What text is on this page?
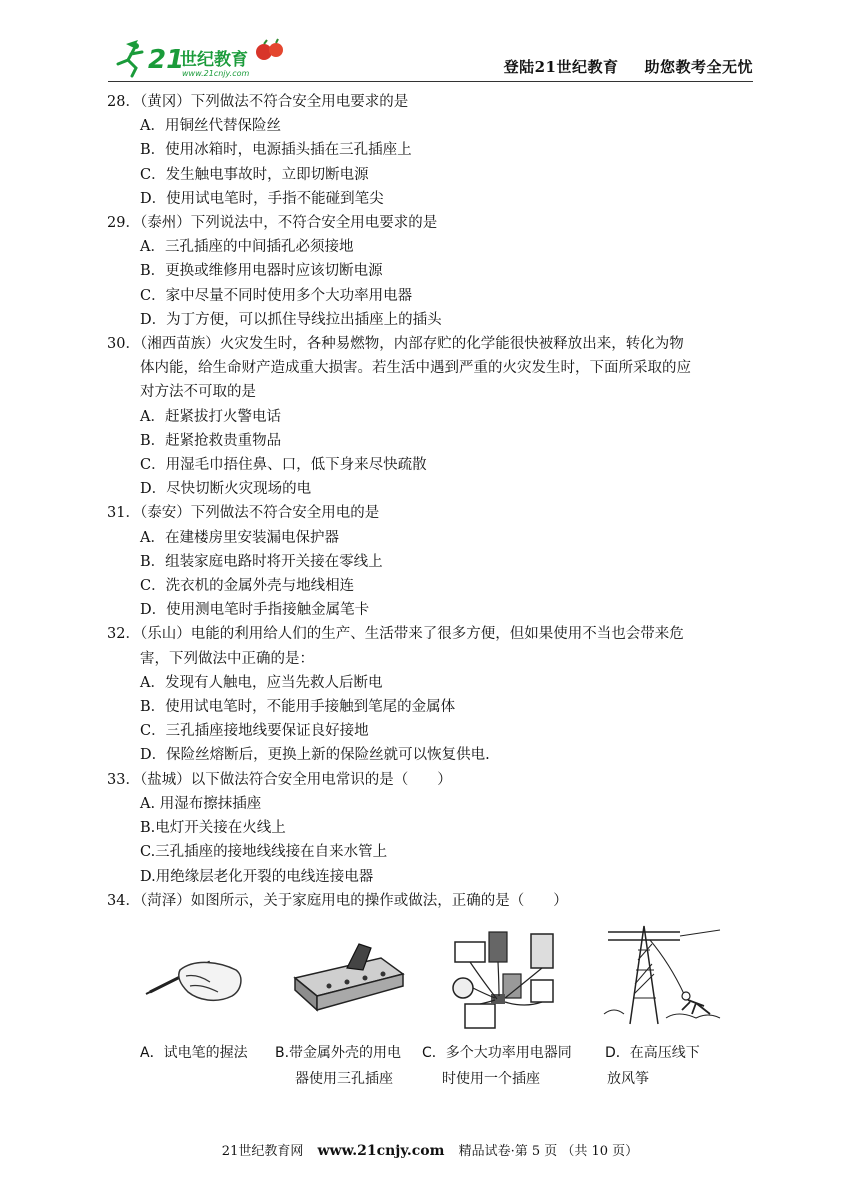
21
世纪教育
www.21cnjy.com	登陆21世纪教育 助您教考全无忧
28．（黄冈）下列做法不符合安全用电要求的是
A．用铜丝代替保险丝
B．使用冰箱时，电源插头插在三孔插座上
C．发生触电事故时，立即切断电源
D．使用试电笔时，手指不能碰到笔尖
29．（泰州）下列说法中，不符合安全用电要求的是
A．三孔插座的中间插孔必须接地
B．更换或维修用电器时应该切断电源
C．家中尽量不同时使用多个大功率用电器
D．为丁方便，可以抓住导线拉出插座上的插头
30．（湘西苗族）火灾发生时，各种易燃物，内部存贮的化学能很快被释放出来，转化为物
体内能，给生命财产造成重大损害。若生活中遇到严重的火灾发生时，下面所采取的应
对方法不可取的是
A．赶紧拔打火警电话
B．赶紧抢救贵重物品
C．用湿毛巾捂住鼻、口，低下身来尽快疏散
D．尽快切断火灾现场的电
31．（泰安）下列做法不符合安全用电的是
A．在建楼房里安装漏电保护器
B．组装家庭电路时将开关接在零线上
C．洗衣机的金属外壳与地线相连
D．使用测电笔时手指接触金属笔卡
32．（乐山）电能的利用给人们的生产、生活带来了很多方便，但如果使用不当也会带来危
害，下列做法中正确的是：
A．发现有人触电，应当先救人后断电
B．使用试电笔时，不能用手接触到笔尾的金属体
C．三孔插座接地线要保证良好接地
D．保险丝熔断后，更换上新的保险丝就可以恢复供电.
33．（盐城）以下做法符合安全用电常识的是（　　）
A. 用湿布擦抹插座
B.电灯开关接在火线上
C.三孔插座的接地线线接在自来水管上
D.用绝缘层老化开裂的电线连接电器
34．（菏泽）如图所示，关于家庭用电的操作或做法，正确的是（　　）
A．试电笔的握法 B.带金属外壳的用电
器使用三孔插座
C．多个大功率用电器同
时使用一个插座
D．在高压线下
放风筝
21世纪教育网 www.21cnjy.com 精品试卷·第 5 页 （共 10 页）
